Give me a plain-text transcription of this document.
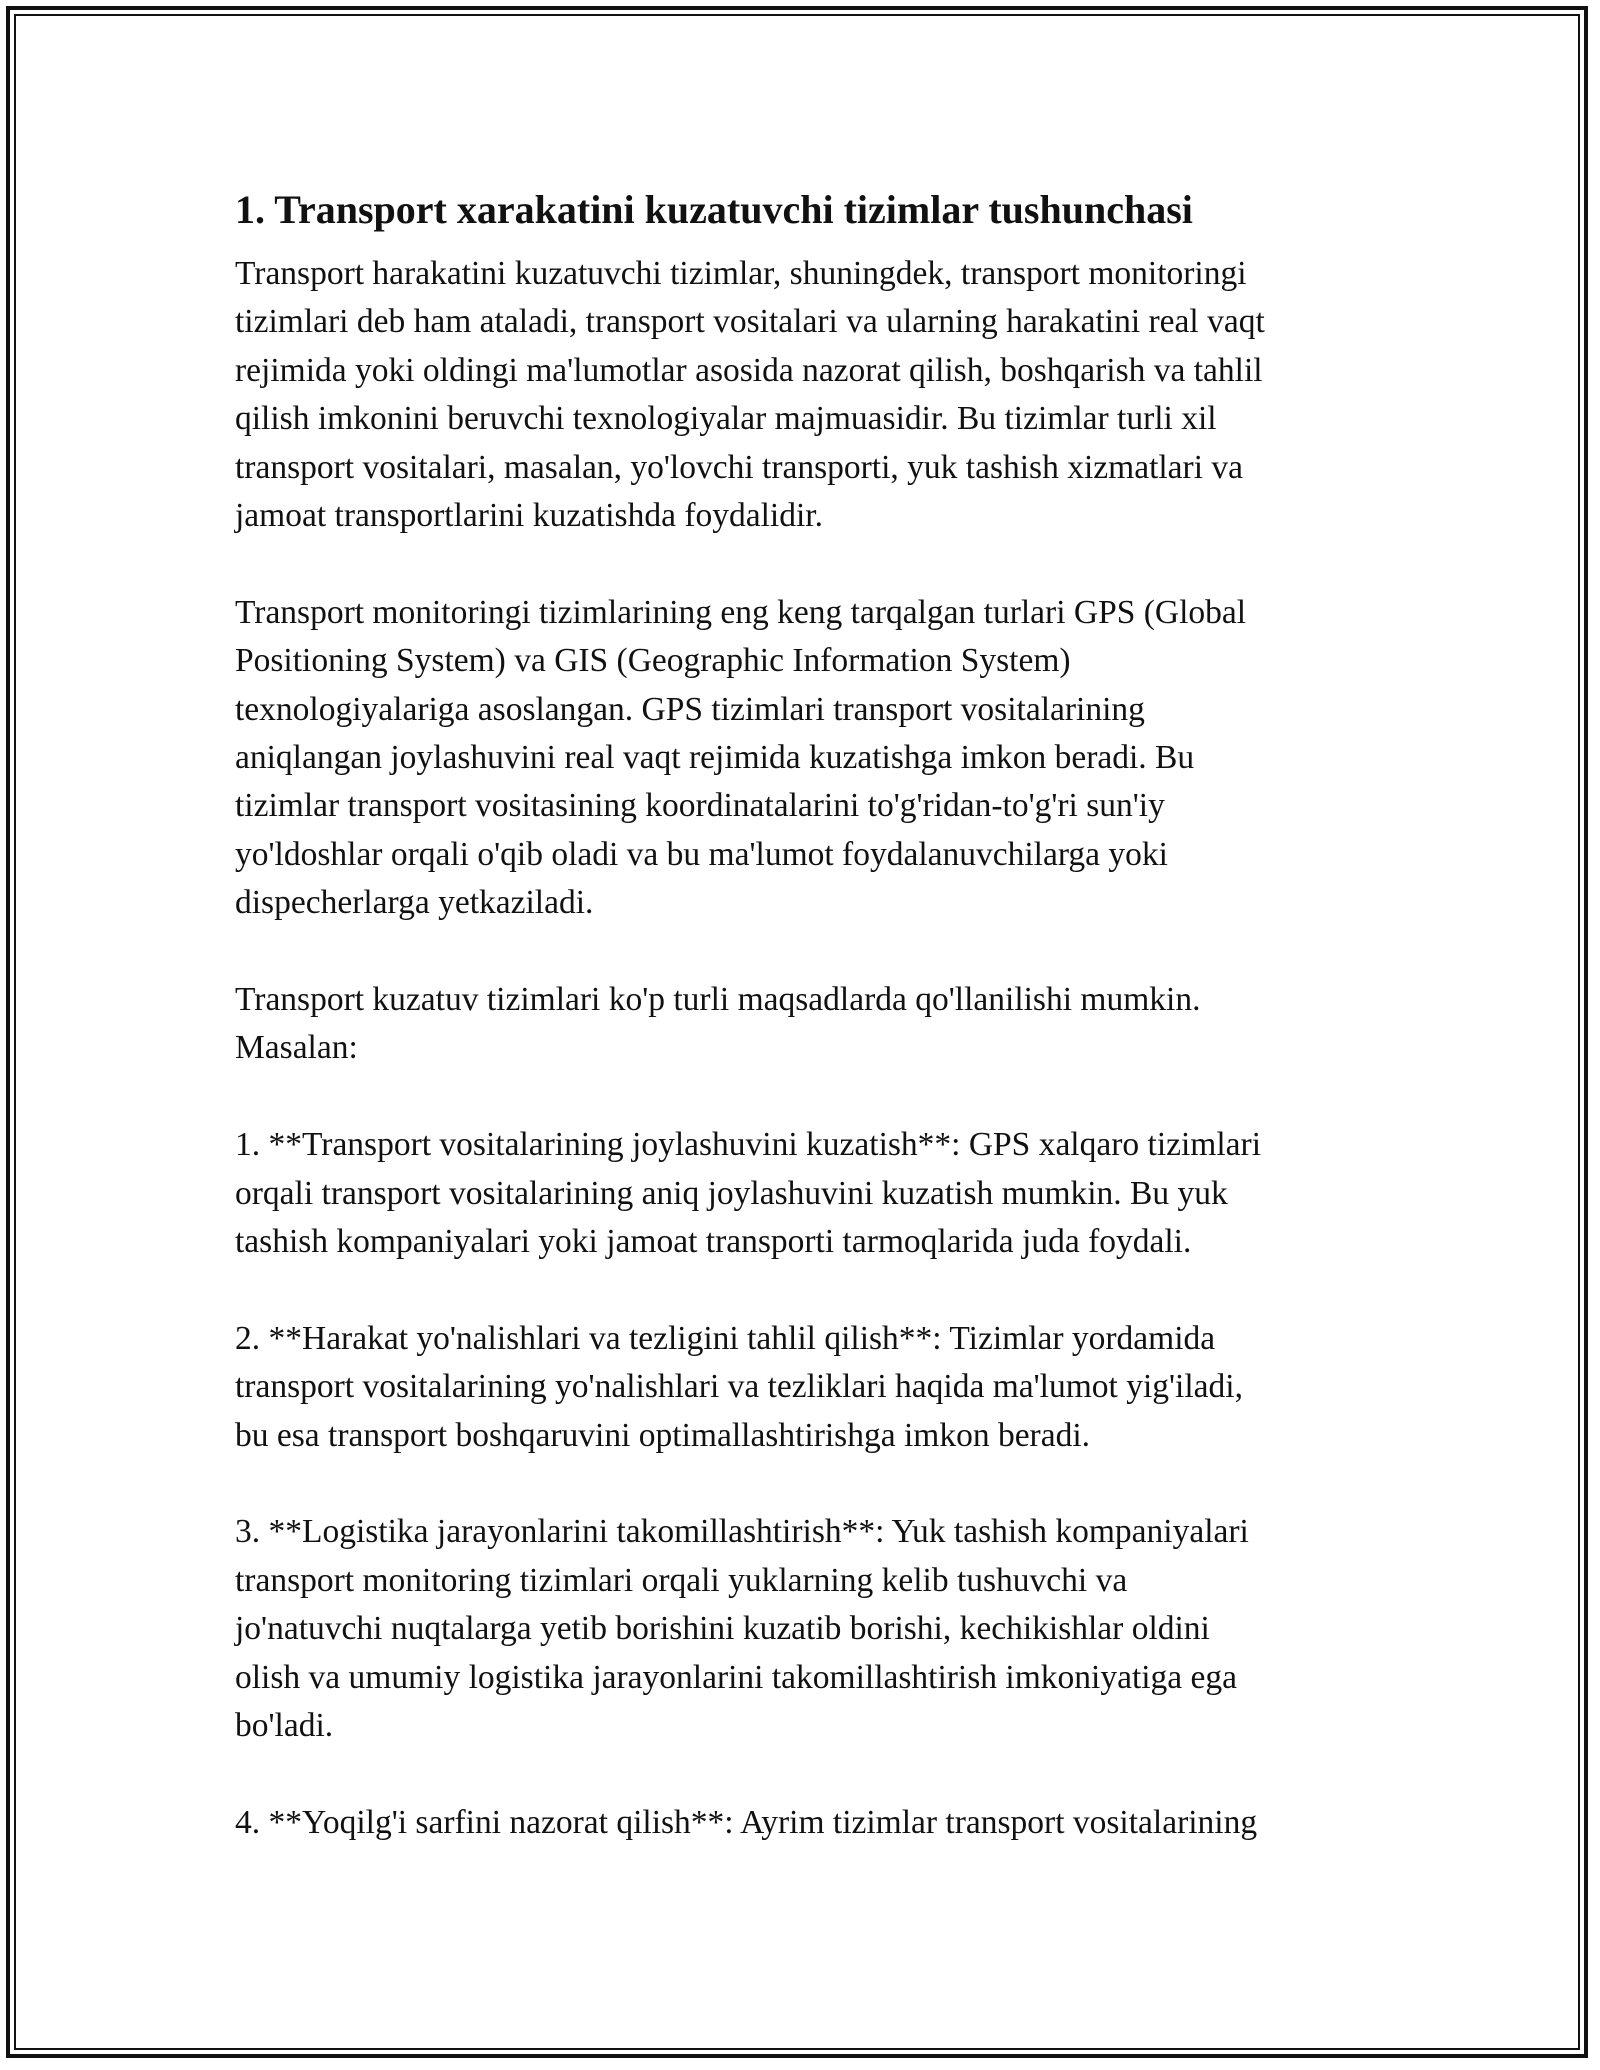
1. Transport xarakatini kuzatuvchi tizimlar tushunchasi

Transport harakatini kuzatuvchi tizimlar, shuningdek, transport monitoringi
tizimlari deb ham ataladi, transport vositalari va ularning harakatini real vaqt
rejimida yoki oldingi ma'lumotlar asosida nazorat qilish, boshqarish va tahlil
qilish imkonini beruvchi texnologiyalar majmuasidir. Bu tizimlar turli xil
transport vositalari, masalan, yo'lovchi transporti, yuk tashish xizmatlari va
jamoat transportlarini kuzatishda foydalidir.

Transport monitoringi tizimlarining eng keng tarqalgan turlari GPS (Global
Positioning System) va GIS (Geographic Information System)
texnologiyalariga asoslangan. GPS tizimlari transport vositalarining
aniqlangan joylashuvini real vaqt rejimida kuzatishga imkon beradi. Bu
tizimlar transport vositasining koordinatalarini to'g'ridan-to'g'ri sun'iy
yo'ldoshlar orqali o'qib oladi va bu ma'lumot foydalanuvchilarga yoki
dispecherlarga yetkaziladi.

Transport kuzatuv tizimlari ko'p turli maqsadlarda qo'llanilishi mumkin.
Masalan:

1. **Transport vositalarining joylashuvini kuzatish**: GPS xalqaro tizimlari
orqali transport vositalarining aniq joylashuvini kuzatish mumkin. Bu yuk
tashish kompaniyalari yoki jamoat transporti tarmoqlarida juda foydali.

2. **Harakat yo'nalishlari va tezligini tahlil qilish**: Tizimlar yordamida
transport vositalarining yo'nalishlari va tezliklari haqida ma'lumot yig'iladi,
bu esa transport boshqaruvini optimallashtirishga imkon beradi.

3. **Logistika jarayonlarini takomillashtirish**: Yuk tashish kompaniyalari
transport monitoring tizimlari orqali yuklarning kelib tushuvchi va
jo'natuvchi nuqtalarga yetib borishini kuzatib borishi, kechikishlar oldini
olish va umumiy logistika jarayonlarini takomillashtirish imkoniyatiga ega
bo'ladi.

4. **Yoqilg'i sarfini nazorat qilish**: Ayrim tizimlar transport vositalarining
